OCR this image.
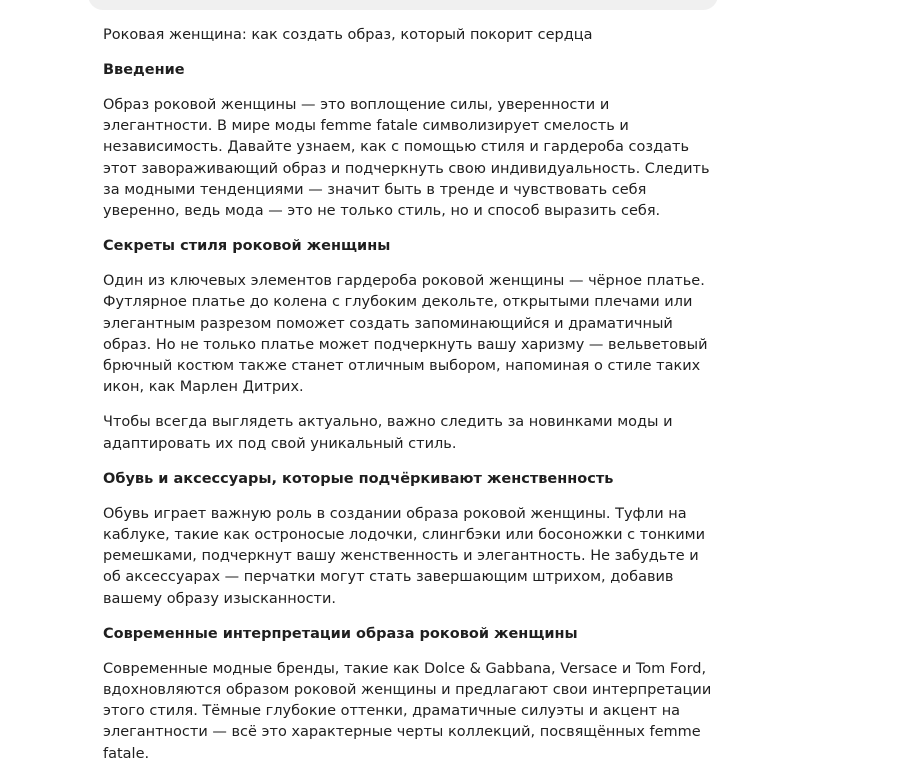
Роковая женщина: как создать образ, который покорит сердца

Введение

Образ роковой женщины — это воплощение силы, уверенности и элегантности. В мире моды femme fatale символизирует смелость и независимость. Давайте узнаем, как с помощью стиля и гардероба создать этот завораживающий образ и подчеркнуть свою индивидуальность. Следить за модными тенденциями — значит быть в тренде и чувствовать себя уверенно, ведь мода — это не только стиль, но и способ выразить себя.

Секреты стиля роковой женщины

Один из ключевых элементов гардероба роковой женщины — чёрное платье. Футлярное платье до колена с глубоким декольте, открытыми плечами или элегантным разрезом поможет создать запоминающийся и драматичный образ. Но не только платье может подчеркнуть вашу харизму — вельветовый брючный костюм также станет отличным выбором, напоминая о стиле таких икон, как Марлен Дитрих.

Чтобы всегда выглядеть актуально, важно следить за новинками моды и адаптировать их под свой уникальный стиль.

Обувь и аксессуары, которые подчёркивают женственность

Обувь играет важную роль в создании образа роковой женщины. Туфли на каблуке, такие как остроносые лодочки, слингбэки или босоножки с тонкими ремешками, подчеркнут вашу женственность и элегантность. Не забудьте и об аксессуарах — перчатки могут стать завершающим штрихом, добавив вашему образу изысканности.

Современные интерпретации образа роковой женщины

Современные модные бренды, такие как Dolce & Gabbana, Versace и Tom Ford, вдохновляются образом роковой женщины и предлагают свои интерпретации этого стиля. Тёмные глубокие оттенки, драматичные силуэты и акцент на элегантности — всё это характерные черты коллекций, посвящённых femme fatale.
